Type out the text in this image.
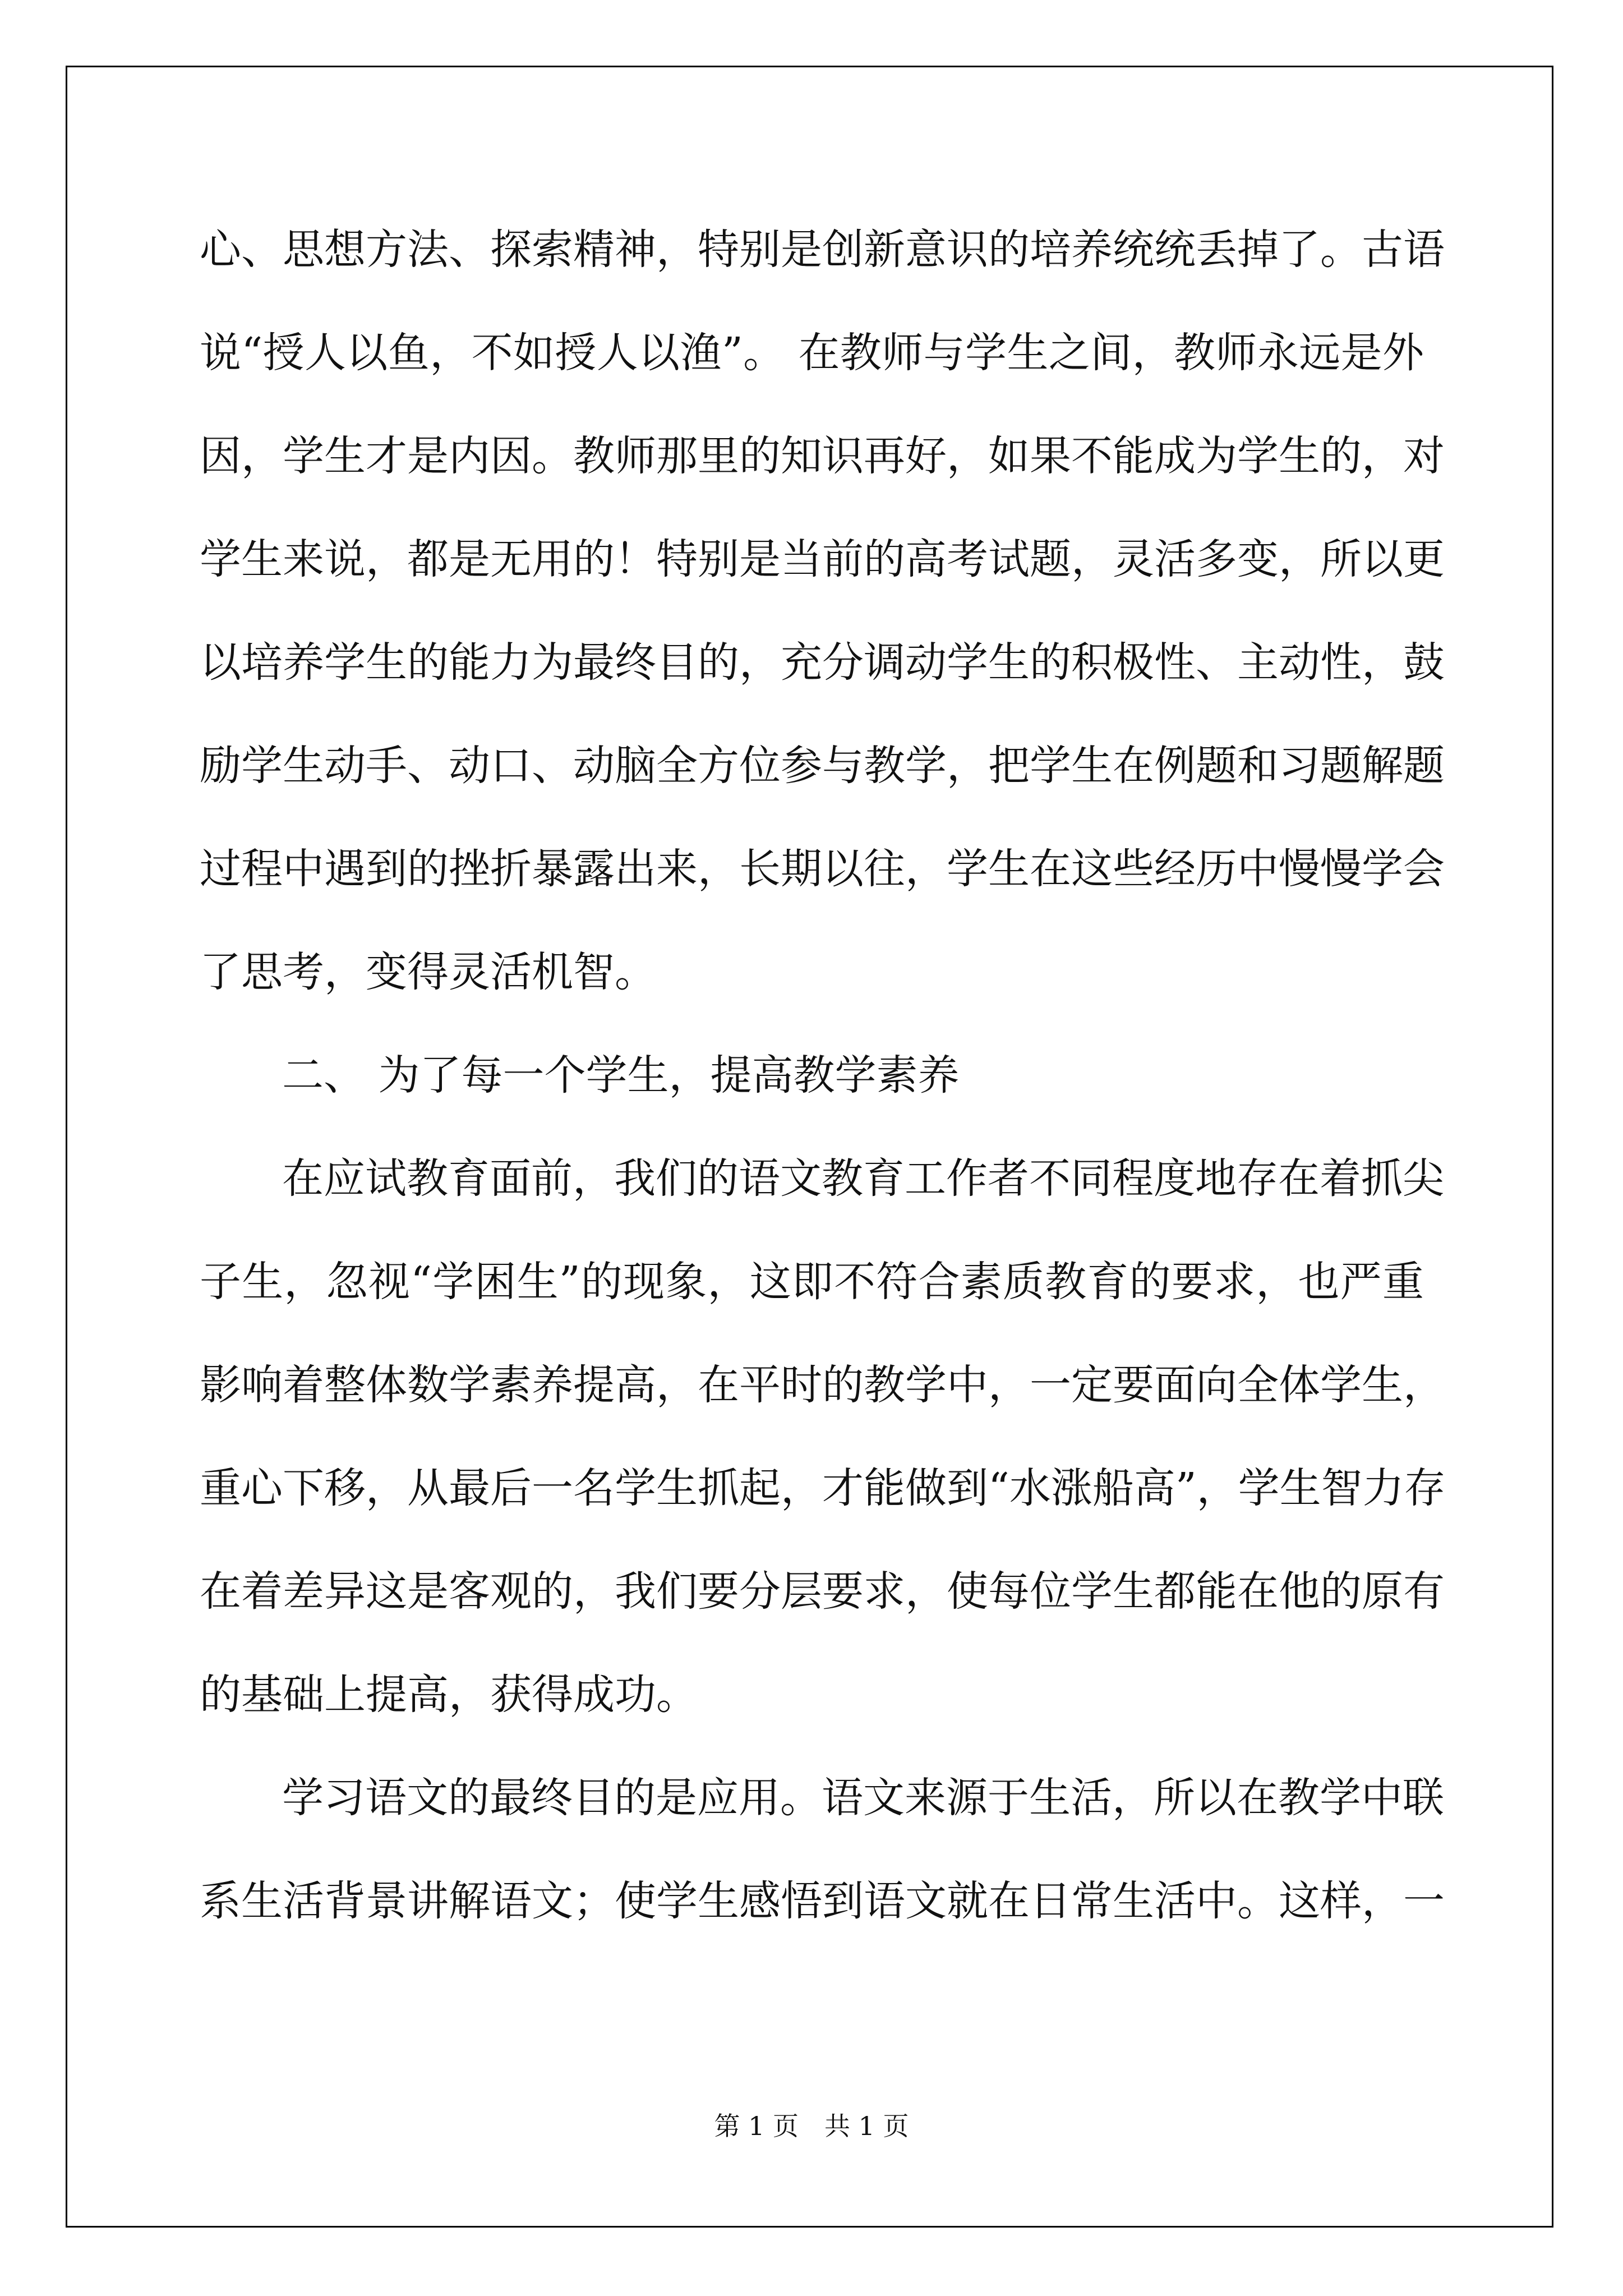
心、思想方法、探索精神，特别是创新意识的培养统统丢掉了。古语
说“授人以鱼，不如授人以渔”。 在教师与学生之间，教师永远是外
因，学生才是内因。教师那里的知识再好，如果不能成为学生的，对
学生来说，都是无用的！特别是当前的高考试题，灵活多变，所以更
以培养学生的能力为最终目的，充分调动学生的积极性、主动性，鼓
励学生动手、动口、动脑全方位参与教学，把学生在例题和习题解题
过程中遇到的挫折暴露出来，长期以往，学生在这些经历中慢慢学会
了思考，变得灵活机智。
二、 为了每一个学生，提高教学素养
在应试教育面前，我们的语文教育工作者不同程度地存在着抓尖
子生，忽视“学困生”的现象，这即不符合素质教育的要求，也严重
影响着整体数学素养提高，在平时的教学中，一定要面向全体学生，
重心下移，从最后一名学生抓起，才能做到“水涨船高”，学生智力存
在着差异这是客观的，我们要分层要求，使每位学生都能在他的原有
的基础上提高，获得成功。
学习语文的最终目的是应用。语文来源于生活，所以在教学中联
系生活背景讲解语文；使学生感悟到语文就在日常生活中。这样，一
第 1 页　共 1 页
